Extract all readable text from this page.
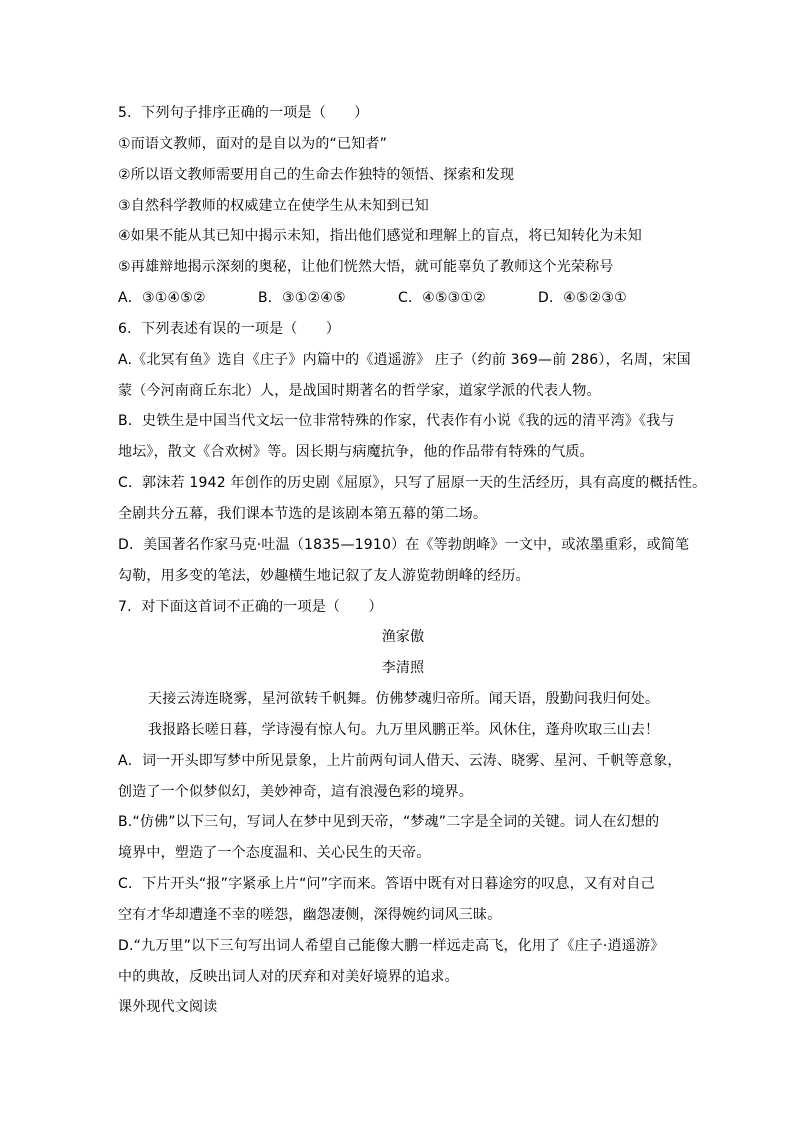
5．下列句子排序正确的一项是（　　）
①而语文教师，面对的是自以为的“已知者”
②所以语文教师需要用自己的生命去作独特的领悟、探索和发现
③自然科学教师的权威建立在使学生从未知到已知
④如果不能从其已知中揭示未知，指出他们感觉和理解上的盲点，将已知转化为未知
⑤再雄辩地揭示深刻的奥秘，让他们恍然大悟，就可能辜负了教师这个光荣称号
A．③①④⑤②	B．③①②④⑤	C．④⑤③①②	D．④⑤②③①
6．下列表述有误的一项是（　　）
A.《北冥有鱼》选自《庄子》内篇中的《逍遥游》 庄子（约前 369—前 286），名周，宋国
蒙（今河南商丘东北）人，是战国时期著名的哲学家，道家学派的代表人物。
B．史铁生是中国当代文坛一位非常特殊的作家，代表作有小说《我的远的清平湾》《我与
地坛》，散文《合欢树》等。因长期与病魔抗争，他的作品带有特殊的气质。
C．郭沫若 1942 年创作的历史剧《屈原》，只写了屈原一天的生活经历，具有高度的概括性。
全剧共分五幕，我们课本节选的是该剧本第五幕的第二场。
D．美国著名作家马克·吐温（1835—1910）在《等勃朗峰》一文中，或浓墨重彩，或简笔
勾勒，用多变的笔法，妙趣横生地记叙了友人游览勃朗峰的经历。
7．对下面这首词不正确的一项是（　　）
渔家傲
李清照
天接云涛连晓雾，星河欲转千帆舞。仿佛梦魂归帝所。闻天语，殷勤问我归何处。
我报路长嗟日暮，学诗漫有惊人句。九万里风鹏正举。风休住，蓬舟吹取三山去！
A．词一开头即写梦中所见景象，上片前两句词人借天、云涛、晓雾、星河、千帆等意象，
创造了一个似梦似幻，美妙神奇，這有浪漫色彩的境界。
B.“仿佛”以下三句，写词人在梦中见到天帝，“梦魂”二字是全词的关键。词人在幻想的
境界中，塑造了一个态度温和、关心民生的天帝。
C．下片开头“报”字紧承上片“问”字而来。答语中既有对日暮途穷的叹息，又有对自己
空有才华却遭逢不幸的嗟怨，幽怨凄侧，深得婉约词风三昧。
D.“九万里”以下三句写出词人希望自己能像大鹏一样远走高飞，化用了《庄子·逍遥游》
中的典故，反映出词人对的厌弃和对美好境界的追求。
课外现代文阅读
